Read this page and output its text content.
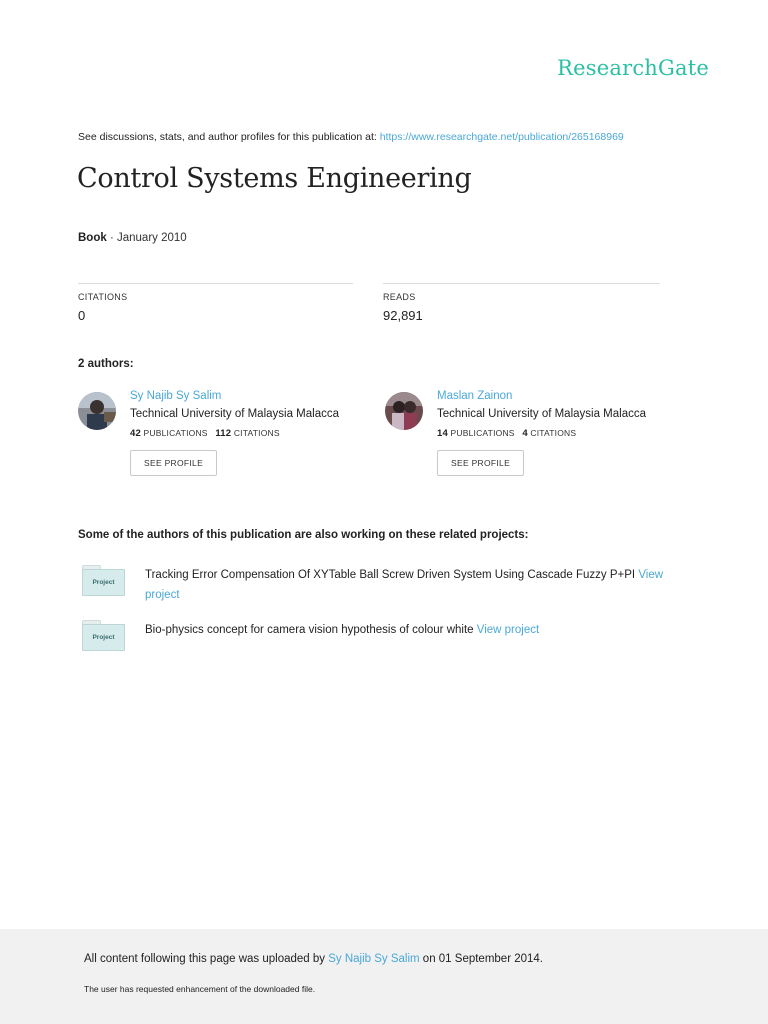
ResearchGate
See discussions, stats, and author profiles for this publication at: https://www.researchgate.net/publication/265168969
Control Systems Engineering
Book · January 2010
CITATIONS
0
READS
92,891
2 authors:
Sy Najib Sy Salim
Technical University of Malaysia Malacca
42 PUBLICATIONS 112 CITATIONS
SEE PROFILE
Maslan Zainon
Technical University of Malaysia Malacca
14 PUBLICATIONS 4 CITATIONS
SEE PROFILE
Some of the authors of this publication are also working on these related projects:
Project
Tracking Error Compensation Of XYTable Ball Screw Driven System Using Cascade Fuzzy P+PI View project
Project
Bio-physics concept for camera vision hypothesis of colour white View project
All content following this page was uploaded by Sy Najib Sy Salim on 01 September 2014.
The user has requested enhancement of the downloaded file.
